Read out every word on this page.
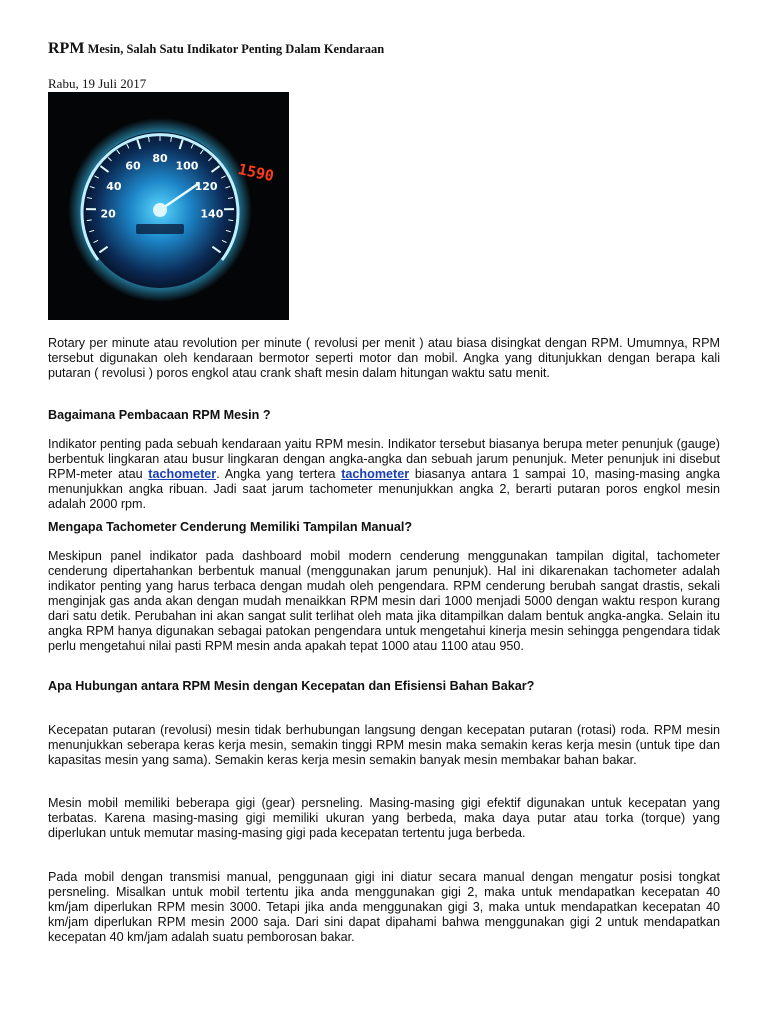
RPM Mesin, Salah Satu Indikator Penting Dalam Kendaraan
Rabu, 19 Juli 2017
20
40
60
80
100
120
140
1590

Rotary per minute atau revolution per minute ( revolusi per menit ) atau biasa disingkat dengan RPM. Umumnya, RPM tersebut digunakan oleh kendaraan bermotor seperti motor dan mobil. Angka yang ditunjukkan dengan berapa kali putaran ( revolusi ) poros engkol atau crank shaft mesin dalam hitungan waktu satu menit.

Bagaimana Pembacaan RPM Mesin ?

Indikator penting pada sebuah kendaraan yaitu RPM mesin. Indikator tersebut biasanya berupa meter penunjuk (gauge) berbentuk lingkaran atau busur lingkaran dengan angka-angka dan sebuah jarum penunjuk. Meter penunjuk ini disebut RPM-meter atau tachometer. Angka yang tertera tachometer biasanya antara 1 sampai 10, masing-masing angka menunjukkan angka ribuan. Jadi saat jarum tachometer menunjukkan angka 2, berarti putaran poros engkol mesin adalah 2000 rpm.

Mengapa Tachometer Cenderung Memiliki Tampilan Manual?

Meskipun panel indikator pada dashboard mobil modern cenderung menggunakan tampilan digital, tachometer cenderung dipertahankan berbentuk manual (menggunakan jarum penunjuk). Hal ini dikarenakan tachometer adalah indikator penting yang harus terbaca dengan mudah oleh pengendara. RPM cenderung berubah sangat drastis, sekali menginjak gas anda akan dengan mudah menaikkan RPM mesin dari 1000 menjadi 5000 dengan waktu respon kurang dari satu detik. Perubahan ini akan sangat sulit terlihat oleh mata jika ditampilkan dalam bentuk angka-angka. Selain itu angka RPM hanya digunakan sebagai patokan pengendara untuk mengetahui kinerja mesin sehingga pengendara tidak perlu mengetahui nilai pasti RPM mesin anda apakah tepat 1000 atau 1100 atau 950.

Apa Hubungan antara RPM Mesin dengan Kecepatan dan Efisiensi Bahan Bakar?

Kecepatan putaran (revolusi) mesin tidak berhubungan langsung dengan kecepatan putaran (rotasi) roda. RPM mesin menunjukkan seberapa keras kerja mesin, semakin tinggi RPM mesin maka semakin keras kerja mesin (untuk tipe dan kapasitas mesin yang sama). Semakin keras kerja mesin semakin banyak mesin membakar bahan bakar.

Mesin mobil memiliki beberapa gigi (gear) persneling. Masing-masing gigi efektif digunakan untuk kecepatan yang terbatas. Karena masing-masing gigi memiliki ukuran yang berbeda, maka daya putar atau torka (torque) yang diperlukan untuk memutar masing-masing gigi pada kecepatan tertentu juga berbeda.

Pada mobil dengan transmisi manual, penggunaan gigi ini diatur secara manual dengan mengatur posisi tongkat persneling. Misalkan untuk mobil tertentu jika anda menggunakan gigi 2, maka untuk mendapatkan kecepatan 40 km/jam diperlukan RPM mesin 3000. Tetapi jika anda menggunakan gigi 3, maka untuk mendapatkan kecepatan 40 km/jam diperlukan RPM mesin 2000 saja. Dari sini dapat dipahami bahwa menggunakan gigi 2 untuk mendapatkan kecepatan 40 km/jam adalah suatu pemborosan bakar.
